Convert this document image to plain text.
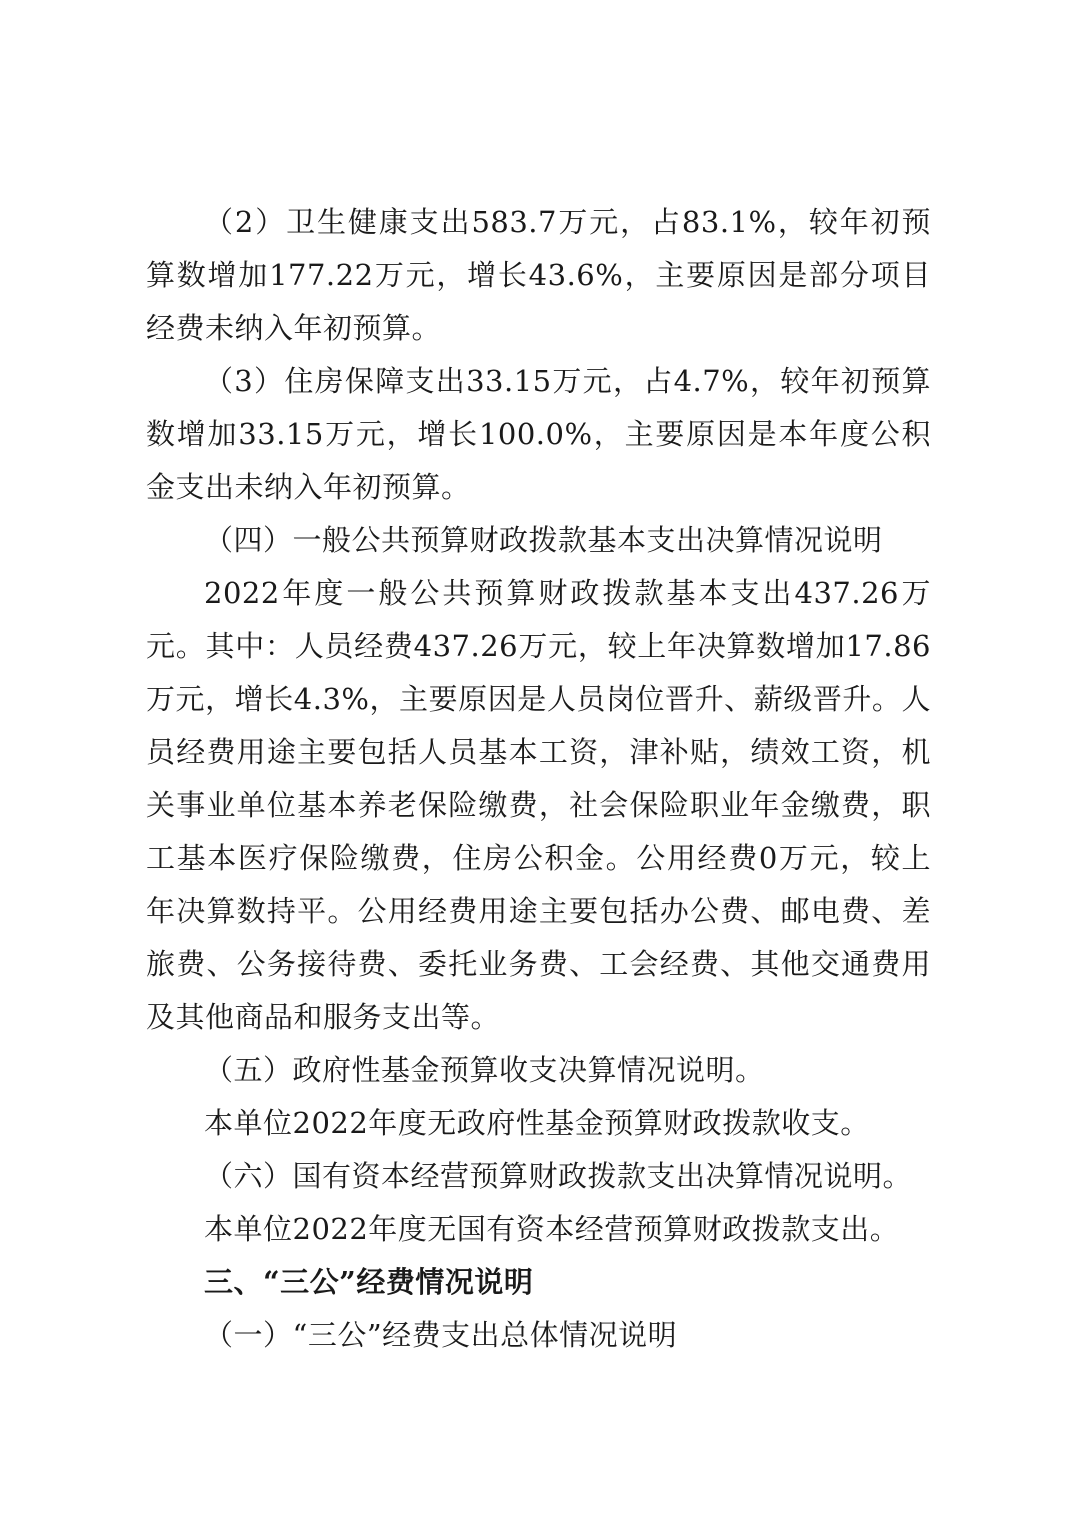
（2）卫生健康支出583.7万元，占83.1%，较年初预算数增加177.22万元，增长43.6%，主要原因是部分项目经费未纳入年初预算。

（3）住房保障支出33.15万元，占4.7%，较年初预算数增加33.15万元，增长100.0%，主要原因是本年度公积金支出未纳入年初预算。

（四）一般公共预算财政拨款基本支出决算情况说明

2022年度一般公共预算财政拨款基本支出437.26万元。其中：人员经费437.26万元，较上年决算数增加17.86万元，增长4.3%，主要原因是人员岗位晋升、薪级晋升。人员经费用途主要包括人员基本工资，津补贴，绩效工资，机关事业单位基本养老保险缴费，社会保险职业年金缴费，职工基本医疗保险缴费，住房公积金。公用经费0万元，较上年决算数持平。公用经费用途主要包括办公费、邮电费、差旅费、公务接待费、委托业务费、工会经费、其他交通费用及其他商品和服务支出等。

（五）政府性基金预算收支决算情况说明。

本单位2022年度无政府性基金预算财政拨款收支。

（六）国有资本经营预算财政拨款支出决算情况说明。

本单位2022年度无国有资本经营预算财政拨款支出。

三、“三公”经费情况说明

（一）“三公”经费支出总体情况说明
